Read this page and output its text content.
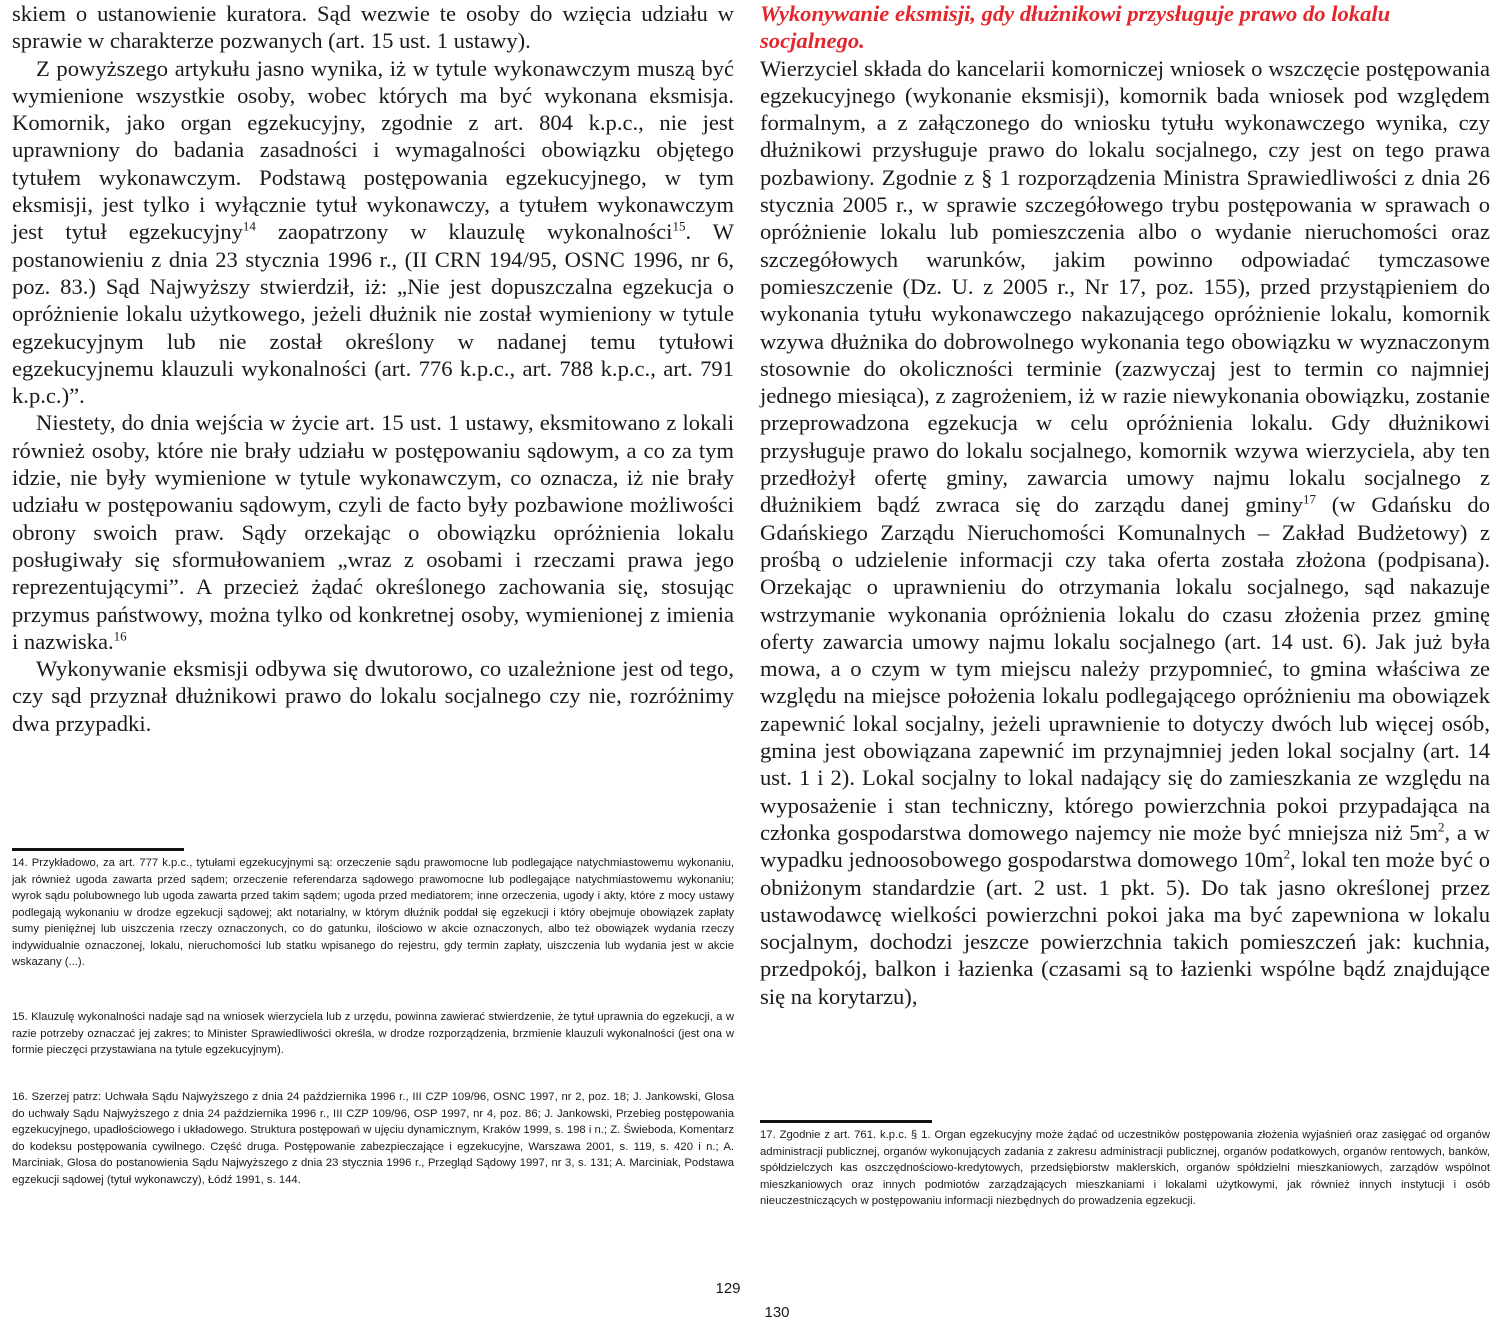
skiem o ustanowienie kuratora. Sąd wezwie te osoby do wzięcia udziału w sprawie w charakterze pozwanych (art. 15 ust. 1 ustawy).

Z powyższego artykułu jasno wynika, iż w tytule wykonawczym muszą być wymienione wszystkie osoby, wobec których ma być wykonana eksmisja. Komornik, jako organ egzekucyjny, zgodnie z art. 804 k.p.c., nie jest uprawniony do badania zasadności i wymagalności obowiązku objętego tytułem wykonawczym. Podstawą postępowania egzekucyjnego, w tym eksmisji, jest tylko i wyłącznie tytuł wykonawczy, a tytułem wykonawczym jest tytuł egzekucyjny$^{14}$ zaopatrzony w klauzulę wykonalności$^{15}$. W postanowieniu z dnia 23 stycznia 1996 r., (II CRN 194/95, OSNC 1996, nr 6, poz. 83.) Sąd Najwyższy stwierdził, iż: „Nie jest dopuszczalna egzekucja o opróżnienie lokalu użytkowego, jeżeli dłużnik nie został wymieniony w tytule egzekucyjnym lub nie został określony w nadanej temu tytułowi egzekucyjnemu klauzuli wykonalności (art. 776 k.p.c., art. 788 k.p.c., art. 791 k.p.c.)”.

Niestety, do dnia wejścia w życie art. 15 ust. 1 ustawy, eksmitowano z lokali również osoby, które nie brały udziału w postępowaniu sądowym, a co za tym idzie, nie były wymienione w tytule wykonawczym, co oznacza, iż nie brały udziału w postępowaniu sądowym, czyli de facto były pozbawione możliwości obrony swoich praw. Sądy orzekając o obowiązku opróżnienia lokalu posługiwały się sformułowaniem „wraz z osobami i rzeczami prawa jego reprezentującymi”. A przecież żądać określonego zachowania się, stosując przymus państwowy, można tylko od konkretnej osoby, wymienionej z imienia i nazwiska.$^{16}$

Wykonywanie eksmisji odbywa się dwutorowo, co uzależnione jest od tego, czy sąd przyznał dłużnikowi prawo do lokalu socjalnego czy nie, rozróżnimy dwa przypadki.

14. Przykładowo, za art. 777 k.p.c., tytułami egzekucyjnymi są: orzeczenie sądu prawomocne lub podlegające natychmiastowemu wykonaniu, jak również ugoda zawarta przed sądem; orzeczenie referendarza sądowego prawomocne lub podlegające natychmiastowemu wykonaniu; wyrok sądu polubownego lub ugoda zawarta przed takim sądem; ugoda przed mediatorem; inne orzeczenia, ugody i akty, które z mocy ustawy podlegają wykonaniu w drodze egzekucji sądowej; akt notarialny, w którym dłużnik poddał się egzekucji i który obejmuje obowiązek zapłaty sumy pieniężnej lub uiszczenia rzeczy oznaczonych, co do gatunku, ilościowo w akcie oznaczonych, albo też obowiązek wydania rzeczy indywidualnie oznaczonej, lokalu, nieruchomości lub statku wpisanego do rejestru, gdy termin zapłaty, uiszczenia lub wydania jest w akcie wskazany (...).

15. Klauzulę wykonalności nadaje sąd na wniosek wierzyciela lub z urzędu, powinna zawierać stwierdzenie, że tytuł uprawnia do egzekucji, a w razie potrzeby oznaczać jej zakres; to Minister Sprawiedliwości określa, w drodze rozporządzenia, brzmienie klauzuli wykonalności (jest ona w formie pieczęci przystawiana na tytule egzekucyjnym).

16. Szerzej patrz: Uchwała Sądu Najwyższego z dnia 24 października 1996 r., III CZP 109/96, OSNC 1997, nr 2, poz. 18; J. Jankowski, Glosa do uchwały Sądu Najwyższego z dnia 24 października 1996 r., III CZP 109/96, OSP 1997, nr 4, poz. 86; J. Jankowski, Przebieg postępowania egzekucyjnego, upadłościowego i układowego. Struktura postępowań w ujęciu dynamicznym, Kraków 1999, s. 198 i n.; Z. Świeboda, Komentarz do kodeksu postępowania cywilnego. Część druga. Postępowanie zabezpieczające i egzekucyjne, Warszawa 2001, s. 119, s. 420 i n.; A. Marciniak, Glosa do postanowienia Sądu Najwyższego z dnia 23 stycznia 1996 r., Przegląd Sądowy 1997, nr 3, s. 131; A. Marciniak, Podstawa egzekucji sądowej (tytuł wykonawczy), Łódź 1991, s. 144.

Wykonywanie eksmisji, gdy dłużnikowi przysługuje prawo do lokalu socjalnego.

Wierzyciel składa do kancelarii komorniczej wniosek o wszczęcie postępowania egzekucyjnego (wykonanie eksmisji), komornik bada wniosek pod względem formalnym, a z załączonego do wniosku tytułu wykonawczego wynika, czy dłużnikowi przysługuje prawo do lokalu socjalnego, czy jest on tego prawa pozbawiony. Zgodnie z § 1 rozporządzenia Ministra Sprawiedliwości z dnia 26 stycznia 2005 r., w sprawie szczegółowego trybu postępowania w sprawach o opróżnienie lokalu lub pomieszczenia albo o wydanie nieruchomości oraz szczegółowych warunków, jakim powinno odpowiadać tymczasowe pomieszczenie (Dz. U. z 2005 r., Nr 17, poz. 155), przed przystąpieniem do wykonania tytułu wykonawczego nakazującego opróżnienie lokalu, komornik wzywa dłużnika do dobrowolnego wykonania tego obowiązku w wyznaczonym stosownie do okoliczności terminie (zazwyczaj jest to termin co najmniej jednego miesiąca), z zagrożeniem, iż w razie niewykonania obowiązku, zostanie przeprowadzona egzekucja w celu opróżnienia lokalu. Gdy dłużnikowi przysługuje prawo do lokalu socjalnego, komornik wzywa wierzyciela, aby ten przedłożył ofertę gminy, zawarcia umowy najmu lokalu socjalnego z dłużnikiem bądź zwraca się do zarządu danej gminy$^{17}$ (w Gdańsku do Gdańskiego Zarządu Nieruchomości Komunalnych – Zakład Budżetowy) z prośbą o udzielenie informacji czy taka oferta została złożona (podpisana). Orzekając o uprawnieniu do otrzymania lokalu socjalnego, sąd nakazuje wstrzymanie wykonania opróżnienia lokalu do czasu złożenia przez gminę oferty zawarcia umowy najmu lokalu socjalnego (art. 14 ust. 6). Jak już była mowa, a o czym w tym miejscu należy przypomnieć, to gmina właściwa ze względu na miejsce położenia lokalu podlegającego opróżnieniu ma obowiązek zapewnić lokal socjalny, jeżeli uprawnienie to dotyczy dwóch lub więcej osób, gmina jest obowiązana zapewnić im przynajmniej jeden lokal socjalny (art. 14 ust. 1 i 2). Lokal socjalny to lokal nadający się do zamieszkania ze względu na wyposażenie i stan techniczny, którego powierzchnia pokoi przypadająca na członka gospodarstwa domowego najemcy nie może być mniejsza niż $5m^2$, a w wypadku jednoosobowego gospodarstwa domowego $10m^2$, lokal ten może być o obniżonym standardzie (art. 2 ust. 1 pkt. 5). Do tak jasno określonej przez ustawodawcę wielkości powierzchni pokoi jaka ma być zapewniona w lokalu socjalnym, dochodzi jeszcze powierzchnia takich pomieszczeń jak: kuchnia, przedpokój, balkon i łazienka (czasami są to łazienki wspólne bądź znajdujące się na korytarzu),

17. Zgodnie z art. 761. k.p.c. § 1. Organ egzekucyjny może żądać od uczestników postępowania złożenia wyjaśnień oraz zasięgać od organów administracji publicznej, organów wykonujących zadania z zakresu administracji publicznej, organów podatkowych, organów rentowych, banków, spółdzielczych kas oszczędnościowo-kredytowych, przedsiębiorstw maklerskich, organów spółdzielni mieszkaniowych, zarządów wspólnot mieszkaniowych oraz innych podmiotów zarządzających mieszkaniami i lokalami użytkowymi, jak również innych instytucji i osób nieuczestniczących w postępowaniu informacji niezbędnych do prowadzenia egzekucji.

129
130
